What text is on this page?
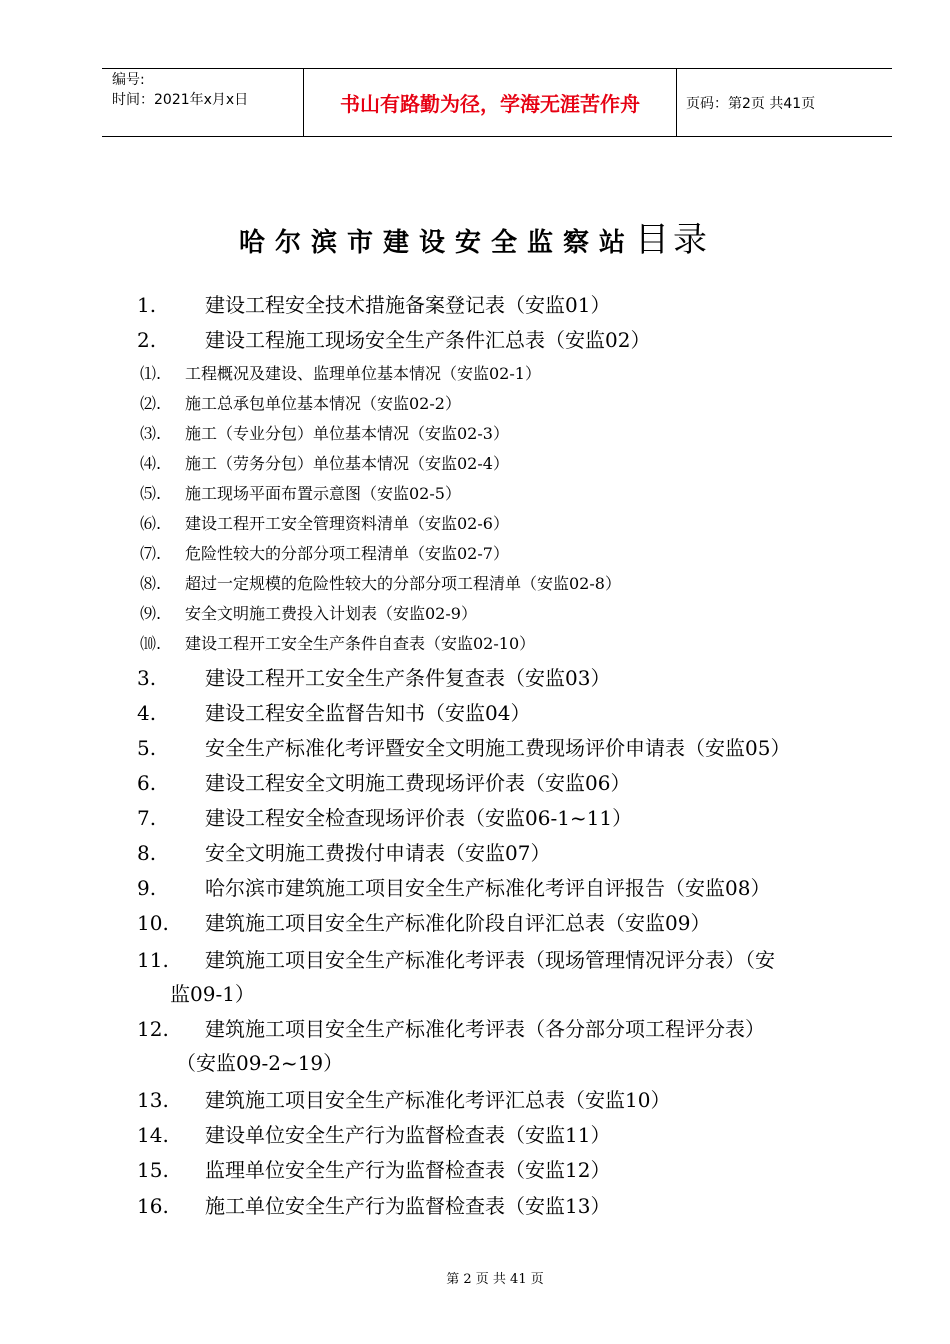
编号:
时间：2021年x月x日	书山有路勤为径，学海无涯苦作舟	页码：第2页 共41页
哈尔滨市建设安全监察站目录
1. 建设工程安全技术措施备案登记表（安监01）
2. 建设工程施工现场安全生产条件汇总表（安监02）
⑴. 工程概况及建设、监理单位基本情况（安监02-1）
⑵. 施工总承包单位基本情况（安监02-2）
⑶. 施工（专业分包）单位基本情况（安监02-3）
⑷. 施工（劳务分包）单位基本情况（安监02-4）
⑸. 施工现场平面布置示意图（安监02-5）
⑹. 建设工程开工安全管理资料清单（安监02-6）
⑺. 危险性较大的分部分项工程清单（安监02-7）
⑻. 超过一定规模的危险性较大的分部分项工程清单（安监02-8）
⑼. 安全文明施工费投入计划表（安监02-9）
⑽. 建设工程开工安全生产条件自查表（安监02-10）
3. 建设工程开工安全生产条件复查表（安监03）
4. 建设工程安全监督告知书（安监04）
5. 安全生产标准化考评暨安全文明施工费现场评价申请表（安监05）
6. 建设工程安全文明施工费现场评价表（安监06）
7. 建设工程安全检查现场评价表（安监06-1~11）
8. 安全文明施工费拨付申请表（安监07）
9. 哈尔滨市建筑施工项目安全生产标准化考评自评报告（安监08）
10. 建筑施工项目安全生产标准化阶段自评汇总表（安监09）
11. 建筑施工项目安全生产标准化考评表（现场管理情况评分表）（安
监09-1）
12. 建筑施工项目安全生产标准化考评表（各分部分项工程评分表）
（安监09-2~19）
13. 建筑施工项目安全生产标准化考评汇总表（安监10）
14. 建设单位安全生产行为监督检查表（安监11）
15. 监理单位安全生产行为监督检查表（安监12）
16. 施工单位安全生产行为监督检查表（安监13）
第 2 页 共 41 页
